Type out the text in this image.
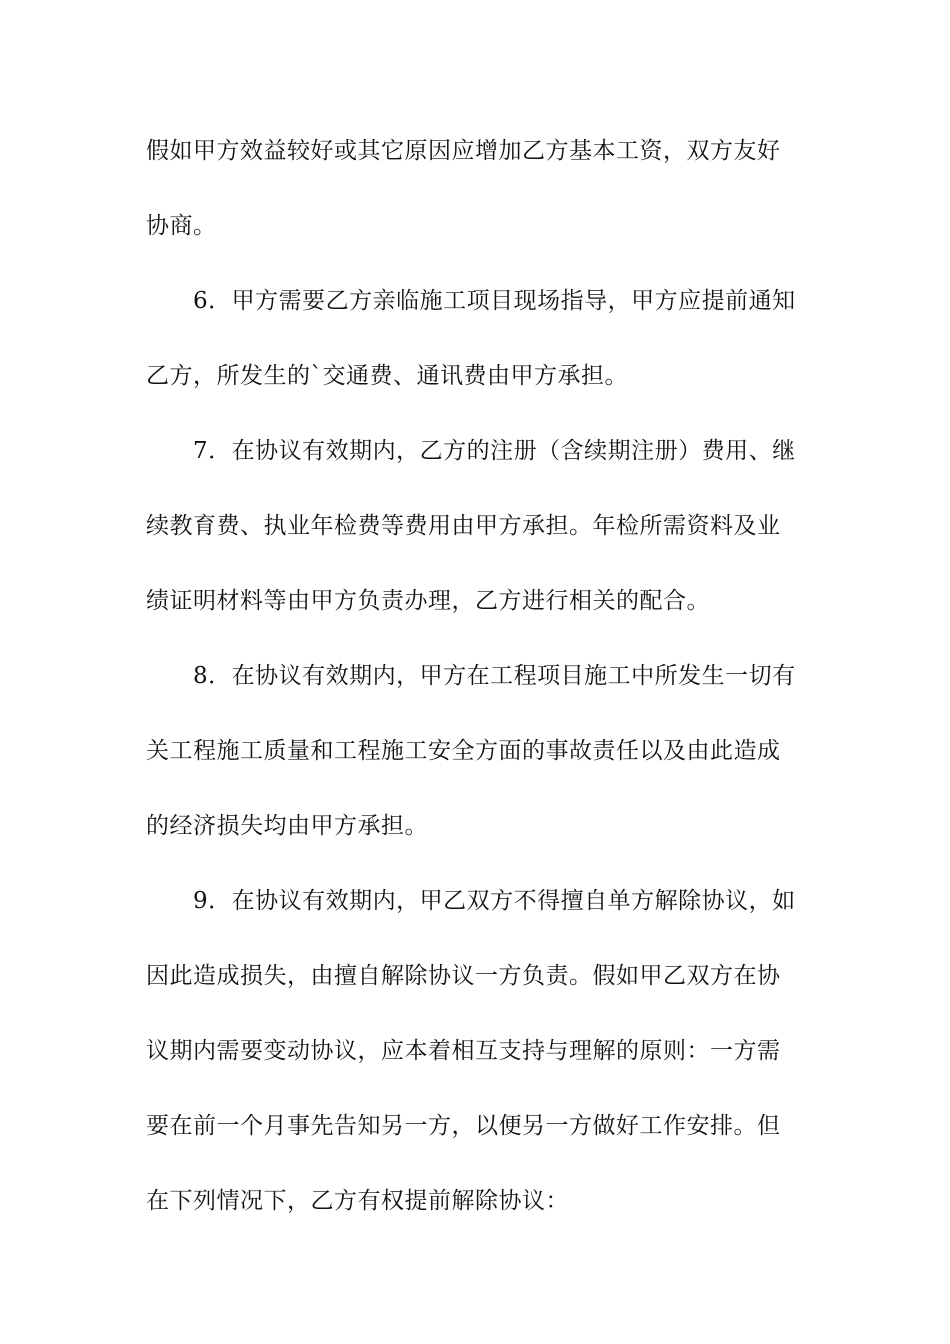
假如甲方效益较好或其它原因应增加乙方基本工资，双方友好
协商。
6．甲方需要乙方亲临施工项目现场指导，甲方应提前通知
乙方，所发生的`交通费、通讯费由甲方承担。
7．在协议有效期内，乙方的注册（含续期注册）费用、继
续教育费、执业年检费等费用由甲方承担。年检所需资料及业
绩证明材料等由甲方负责办理，乙方进行相关的配合。
8．在协议有效期内，甲方在工程项目施工中所发生一切有
关工程施工质量和工程施工安全方面的事故责任以及由此造成
的经济损失均由甲方承担。
9．在协议有效期内，甲乙双方不得擅自单方解除协议，如
因此造成损失，由擅自解除协议一方负责。假如甲乙双方在协
议期内需要变动协议，应本着相互支持与理解的原则：一方需
要在前一个月事先告知另一方，以便另一方做好工作安排。但
在下列情况下，乙方有权提前解除协议：
